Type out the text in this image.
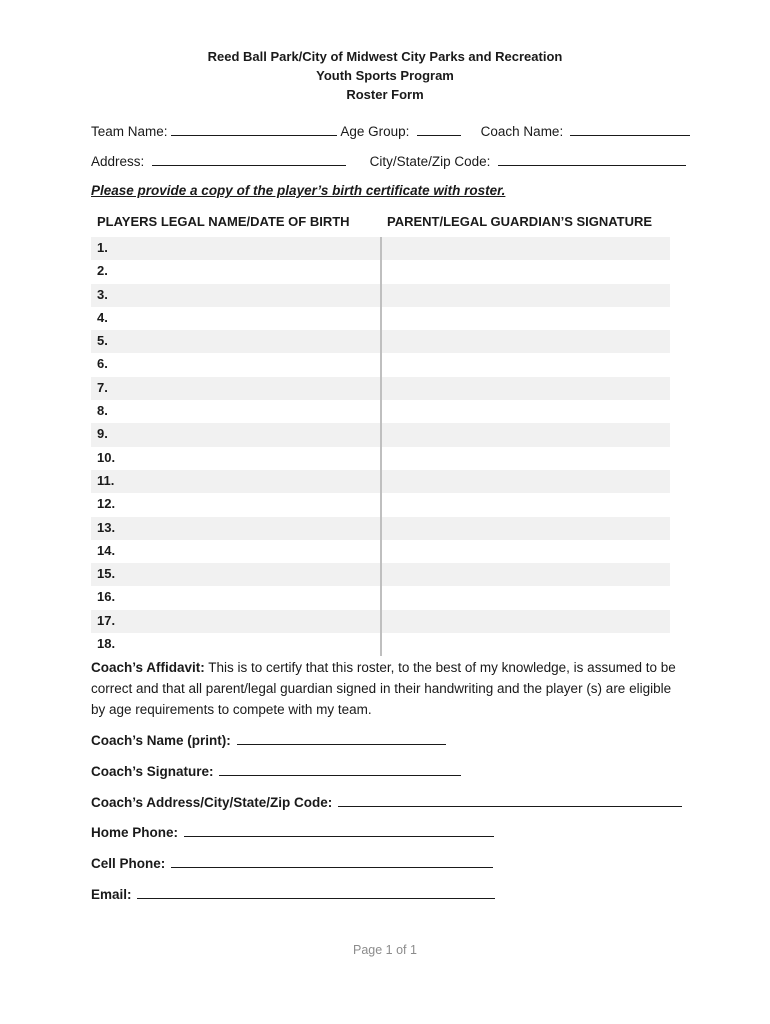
Reed Ball Park/City of Midwest City Parks and Recreation
Youth Sports Program
Roster Form
Team Name:	Age Group:	Coach Name:
Address:	City/State/Zip Code:
Please provide a copy of the player’s birth certificate with roster.
PLAYERS LEGAL NAME/DATE OF BIRTH	PARENT/LEGAL GUARDIAN’S SIGNATURE
1.
2.
3.
4.
5.
6.
7.
8.
9.
10.
11.
12.
13.
14.
15.
16.
17.
18.
Coach’s Affidavit: This is to certify that this roster, to the best of my knowledge, is assumed to be correct and that all parent/legal guardian signed in their handwriting and the player (s) are eligible by age requirements to compete with my team.
Coach’s Name (print):
Coach’s Signature:
Coach’s Address/City/State/Zip Code:
Home Phone:
Cell Phone:
Email:
Page 1 of 1
